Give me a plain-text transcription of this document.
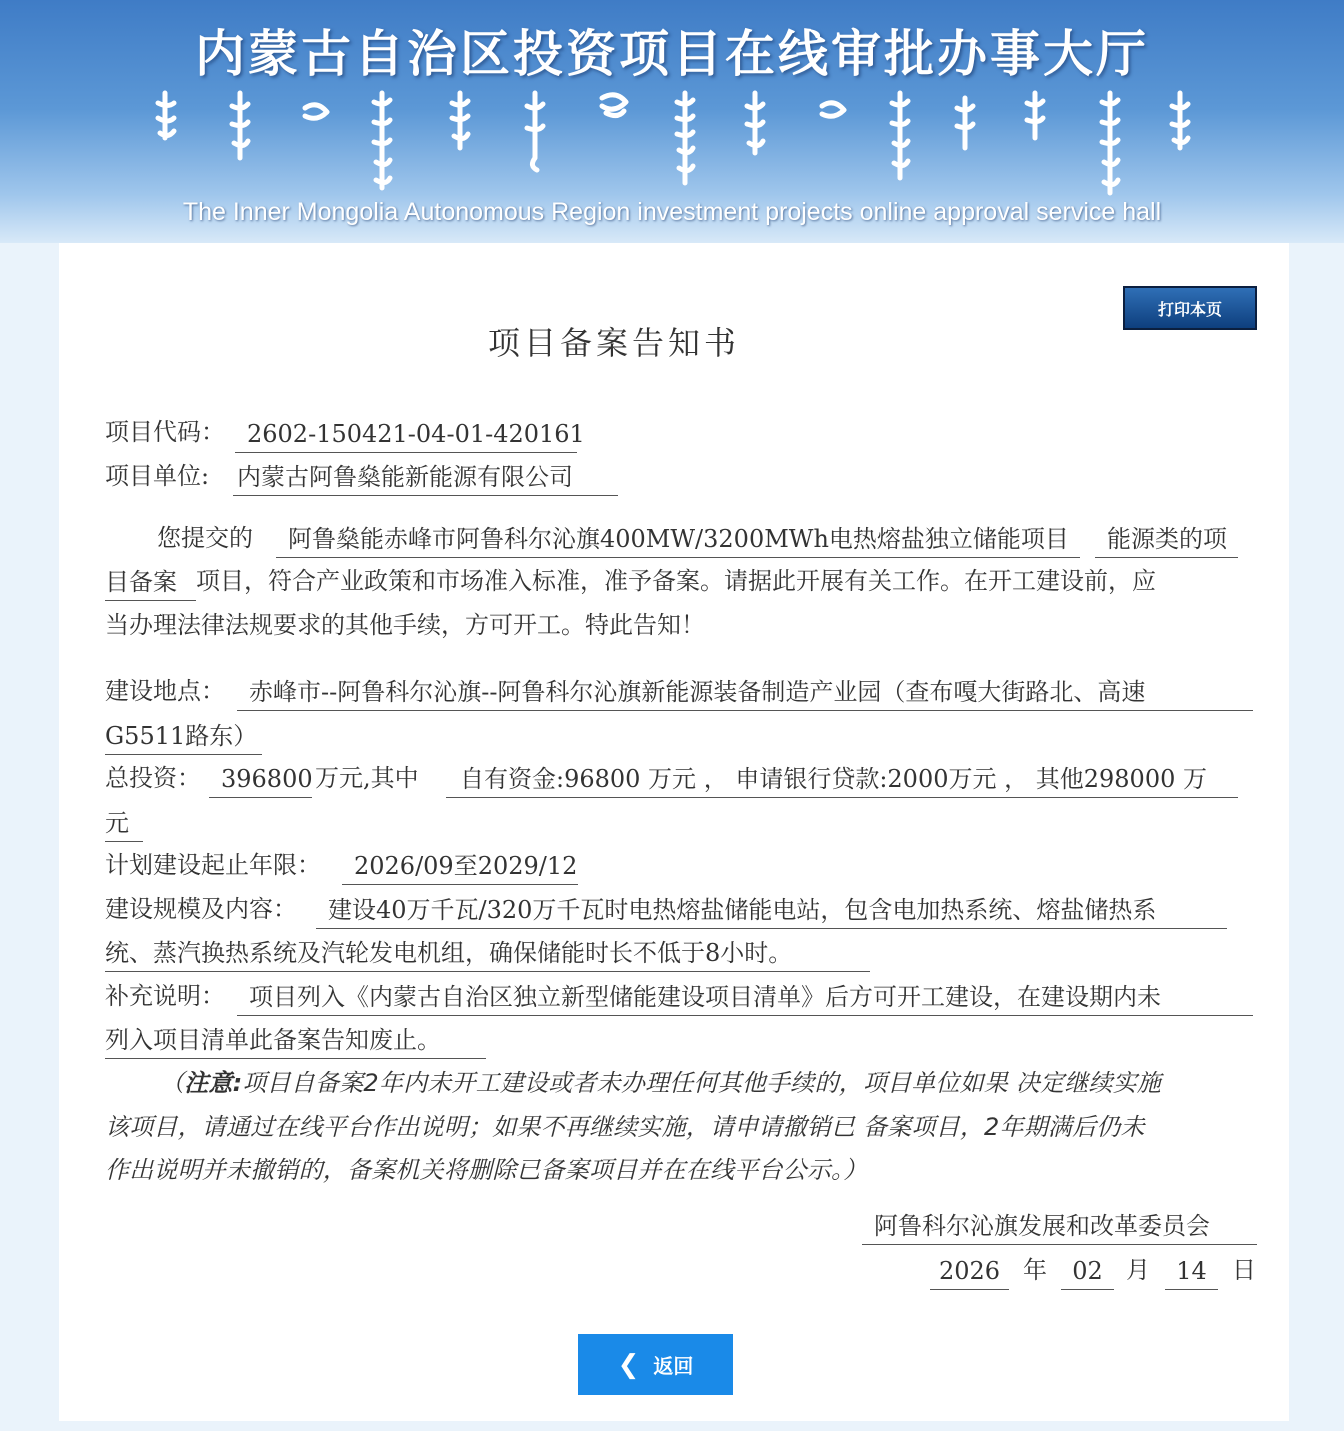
内蒙古自治区投资项目在线审批办事大厅
The Inner Mongolia Autonomous Region investment projects online approval service hall
打印本页
项目备案告知书
项目代码： 2602-150421-04-01-420161
项目单位: 内蒙古阿鲁燊能新能源有限公司
您提交的	阿鲁燊能赤峰市阿鲁科尔沁旗400MW/3200MWh电热熔盐独立储能项目	能源类的项
目备案 项目，符合产业政策和市场准入标准，准予备案。请据此开展有关工作。在开工建设前，应
当办理法律法规要求的其他手续，方可开工。特此告知！
建设地点：	赤峰市--阿鲁科尔沁旗--阿鲁科尔沁旗新能源装备制造产业园（查布嘎大街路北、高速
G5511路东）
总投资： 396800 万元,其中	自有资金:96800 万元 ， 申请银行贷款:2000万元 ， 其他298000 万
元
计划建设起止年限：	2026/09至2029/12
建设规模及内容：	建设40万千瓦/320万千瓦时电热熔盐储能电站，包含电加热系统、熔盐储热系
统、蒸汽换热系统及汽轮发电机组，确保储能时长不低于8小时。
补充说明：	项目列入《内蒙古自治区独立新型储能建设项目清单》后方可开工建设，在建设期内未
列入项目清单此备案告知废止。
（注意:项目自备案2年内未开工建设或者未办理任何其他手续的，项目单位如果 决定继续实施
该项目，请通过在线平台作出说明；如果不再继续实施，请申请撤销已 备案项目，2年期满后仍未
作出说明并未撤销的，备案机关将删除已备案项目并在在线平台公示。）
阿鲁科尔沁旗发展和改革委员会
2026 年	02 月	14	日
❮ 返回
